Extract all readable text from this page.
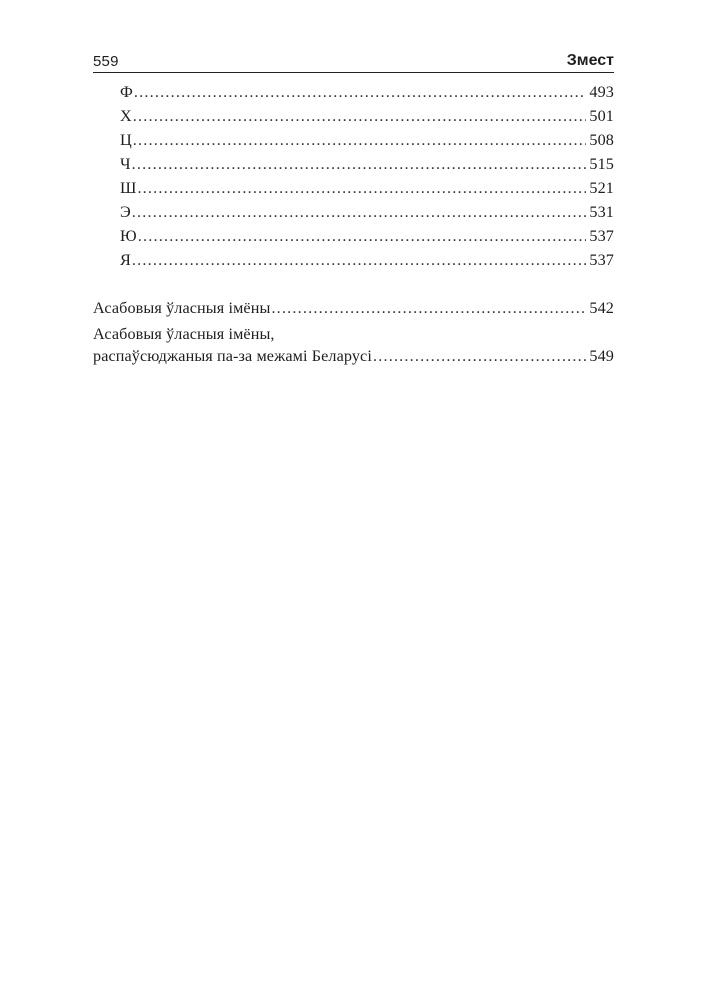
559	Змест
Ф .....	493
Х .....	501
Ц .....	508
Ч .....	515
Ш .....	521
Э .....	531
Ю .....	537
Я .....	537
Асабовыя ўласныя імёны .....	542
Асабовыя ўласныя імёны,
распаўсюджаныя па-за межамі Беларусі .....	549
